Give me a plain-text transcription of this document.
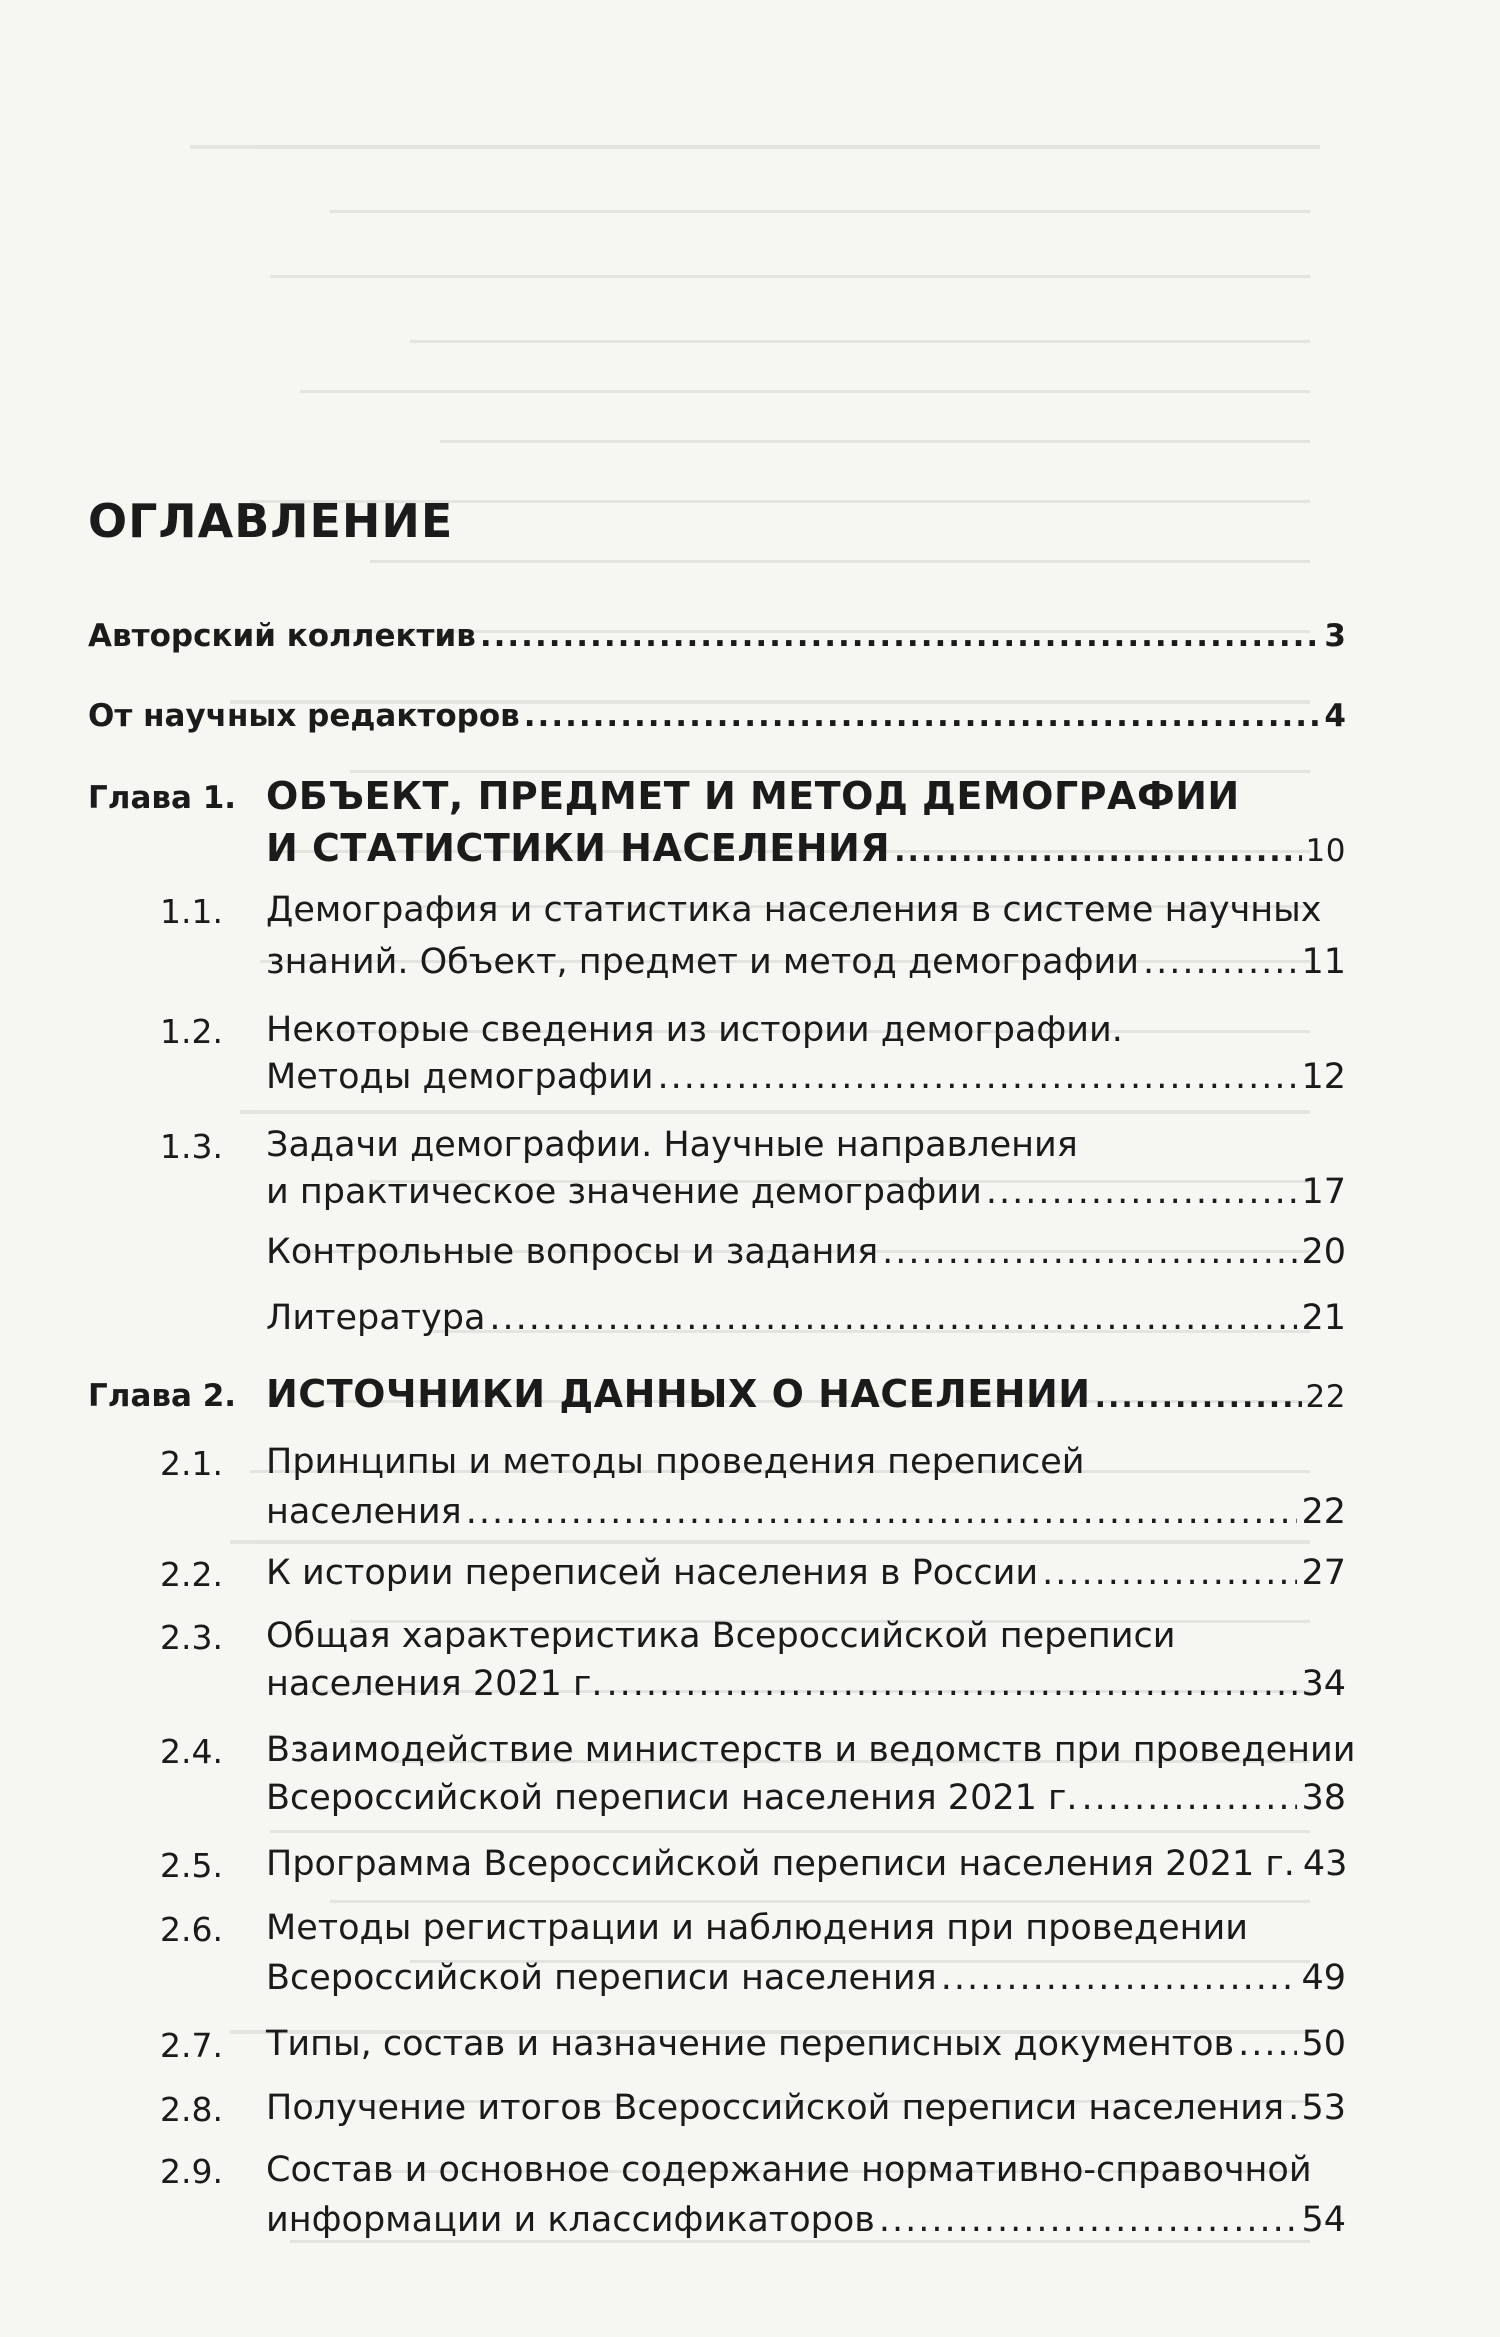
ОГЛАВЛЕНИЕ
Авторский коллектив .....	3
От научных редакторов .....	4
Глава 1. ОБЪЕКТ, ПРЕДМЕТ И МЕТОД ДЕМОГРАФИИ
И СТАТИСТИКИ НАСЕЛЕНИЯ .....	10
1.1. Демография и статистика населения в системе научных
знаний. Объект, предмет и метод демографии .....	11
1.2. Некоторые сведения из истории демографии.
Методы демографии .....	12
1.3. Задачи демографии. Научные направления
и практическое значение демографии .....	17
Контрольные вопросы и задания .....	20
Литература .....	21
Глава 2. ИСТОЧНИКИ ДАННЫХ О НАСЕЛЕНИИ .....	22
2.1. Принципы и методы проведения переписей
населения .....	22
2.2. К истории переписей населения в России .....	27
2.3. Общая характеристика Всероссийской переписи
населения 2021 г. .....	34
2.4. Взаимодействие министерств и ведомств при проведении
Всероссийской переписи населения 2021 г. .....	38
2.5. Программа Всероссийской переписи населения 2021 г. 43
2.6. Методы регистрации и наблюдения при проведении
Всероссийской переписи населения .....	49
2.7. Типы, состав и назначение переписных документов ..... 50
2.8. Получение итогов Всероссийской переписи населения ..... 53
2.9. Состав и основное содержание нормативно-справочной
информации и классификаторов .....	54
